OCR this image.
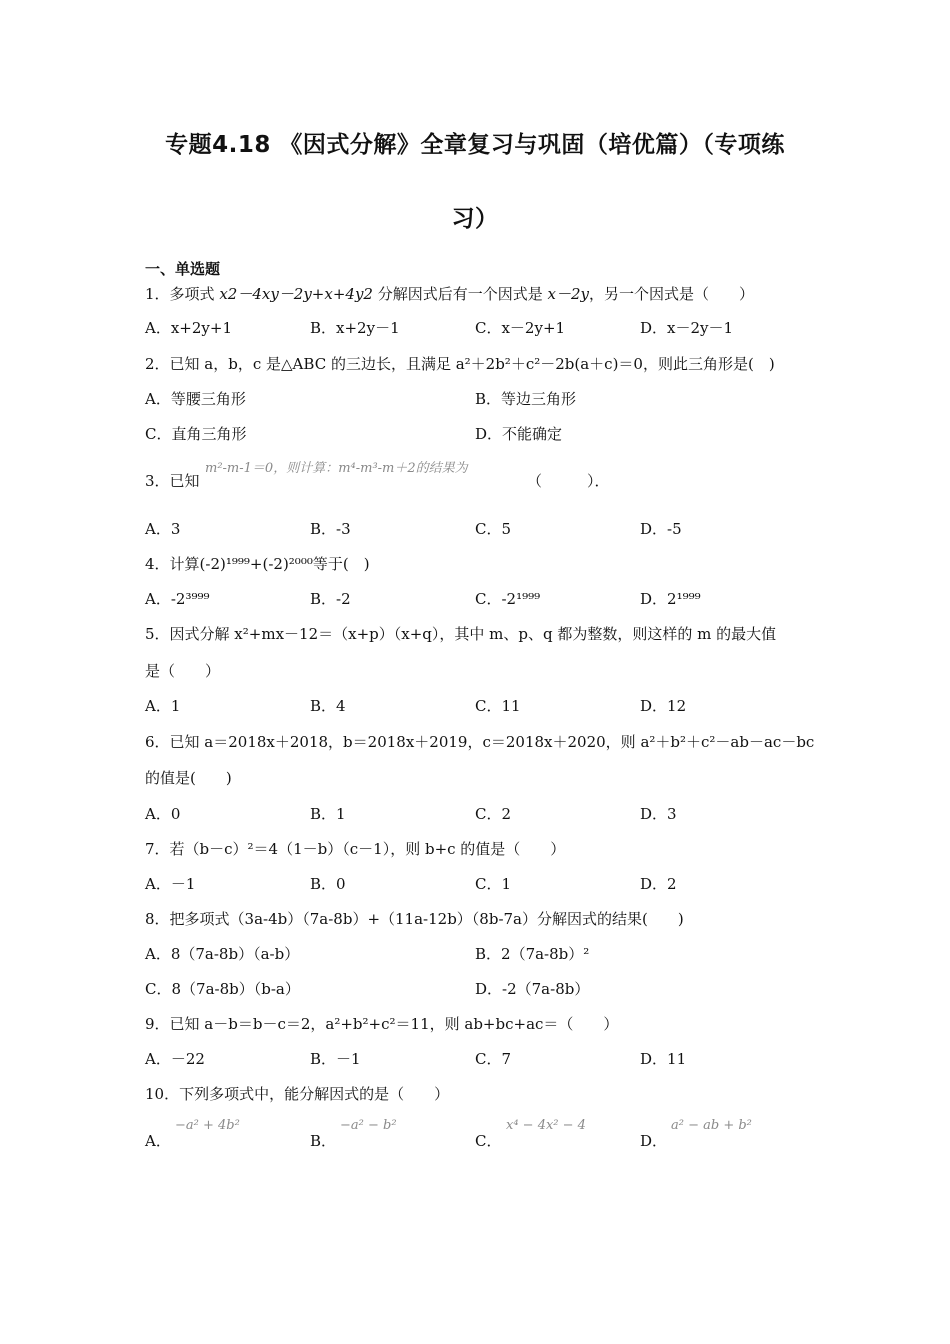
专题4.18 《因式分解》全章复习与巩固（培优篇）（专项练
习）
一、单选题
1．多项式 x2－4xy－2y+x+4y2 分解因式后有一个因式是 x－2y，另一个因式是（　　）
A．x+2y+1	B．x+2y－1	C．x－2y+1	D．x－2y－1
2．已知 a，b，c 是△ABC 的三边长，且满足 a²＋2b²＋c²－2b(a＋c)＝0，则此三角形是(　)
A．等腰三角形	B．等边三角形
C．直角三角形	D．不能确定
3．已知
m²-m-1＝0，则计算：m⁴-m³-m＋2的结果为
（　　　）．
A．3	B．-3	C．5	D．-5
4．计算(-2)¹⁹⁹⁹+(-2)²⁰⁰⁰等于(　)
A．-2³⁹⁹⁹	B．-2	C．-2¹⁹⁹⁹	D．2¹⁹⁹⁹
5．因式分解 x²+mx－12＝（x+p）（x+q），其中 m、p、q 都为整数，则这样的 m 的最大值
是（　　）
A．1	B．4	C．11	D．12
6．已知 a＝2018x＋2018，b＝2018x＋2019，c＝2018x＋2020，则 a²＋b²＋c²－ab－ac－bc
的值是(　　)
A．0	B．1	C．2	D．3
7．若（b－c）²＝4（1－b）（c－1），则 b+c 的值是（　　）
A．－1	B．0	C．1	D．2
8．把多项式（3a-4b）（7a-8b）+（11a-12b）（8b-7a）分解因式的结果(　　)
A．8（7a-8b）（a-b）	B．2（7a-8b）²
C．8（7a-8b）（b-a）	D．-2（7a-8b）
9．已知 a－b＝b－c＝2，a²+b²+c²＝11，则 ab+bc+ac＝（　　）
A．－22	B．－1	C．7	D．11
10．下列多项式中，能分解因式的是（　　）
A．
−a² + 4b²
B．
−a² − b²
C．
x⁴ − 4x² − 4
D．
a² − ab + b²
